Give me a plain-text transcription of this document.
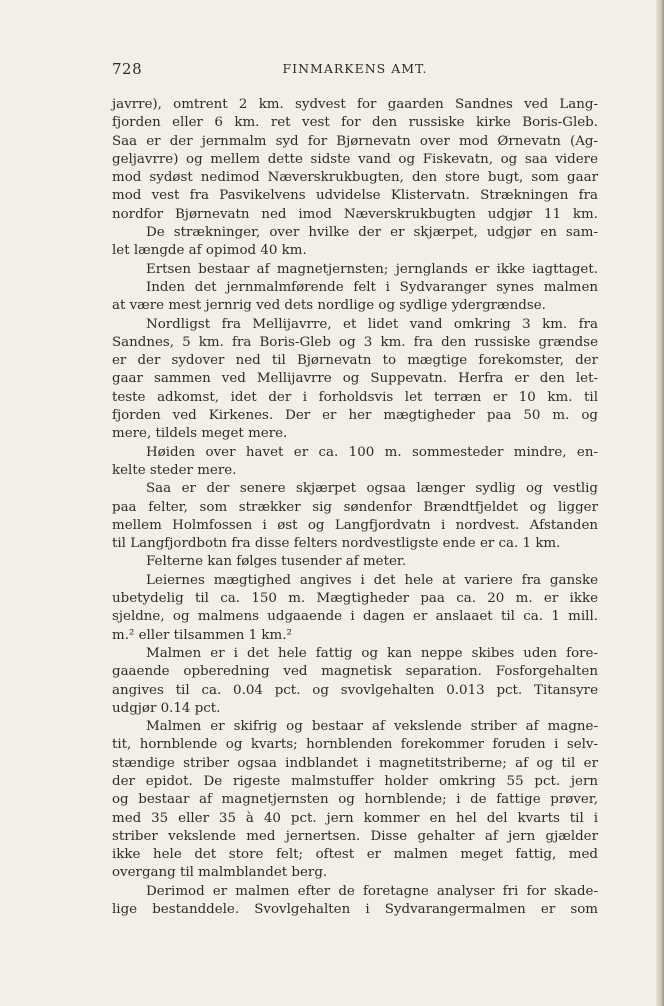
728	FINMARKENS AMT.
javrre), omtrent 2 km. sydvest for gaarden Sandnes ved Lang-
fjorden eller 6 km. ret vest for den russiske kirke Boris-Gleb.
Saa er der jernmalm syd for Bjørnevatn over mod Ørnevatn (Ag-
geljavrre) og mellem dette sidste vand og Fiskevatn, og saa videre
mod sydøst nedimod Næverskrukbugten, den store bugt, som gaar
mod vest fra Pasvikelvens udvidelse Klistervatn. Strækningen fra
nordfor Bjørnevatn ned imod Næverskrukbugten udgjør 11 km.
De strækninger, over hvilke der er skjærpet, udgjør en sam-
let længde af opimod 40 km.
Ertsen bestaar af magnetjernsten; jernglands er ikke iagttaget.
Inden det jernmalmførende felt i Sydvaranger synes malmen
at være mest jernrig ved dets nordlige og sydlige ydergrændse.
Nordligst fra Mellijavrre, et lidet vand omkring 3 km. fra
Sandnes, 5 km. fra Boris-Gleb og 3 km. fra den russiske grændse
er der sydover ned til Bjørnevatn to mægtige forekomster, der
gaar sammen ved Mellijavrre og Suppevatn. Herfra er den let-
teste adkomst, idet der i forholdsvis let terræn er 10 km. til
fjorden ved Kirkenes. Der er her mægtigheder paa 50 m. og
mere, tildels meget mere.
Høiden over havet er ca. 100 m. sommesteder mindre, en-
kelte steder mere.
Saa er der senere skjærpet ogsaa længer sydlig og vestlig
paa felter, som strækker sig søndenfor Brændtfjeldet og ligger
mellem Holmfossen i øst og Langfjordvatn i nordvest. Afstanden
til Langfjordbotn fra disse felters nordvestligste ende er ca. 1 km.
Felterne kan følges tusender af meter.
Leiernes mægtighed angives i det hele at variere fra ganske
ubetydelig til ca. 150 m. Mægtigheder paa ca. 20 m. er ikke
sjeldne, og malmens udgaaende i dagen er anslaaet til ca. 1 mill.
m.² eller tilsammen 1 km.²
Malmen er i det hele fattig og kan neppe skibes uden fore-
gaaende opberedning ved magnetisk separation. Fosforgehalten
angives til ca. 0.04 pct. og svovlgehalten 0.013 pct. Titansyre
udgjør 0.14 pct.
Malmen er skifrig og bestaar af vekslende striber af magne-
tit, hornblende og kvarts; hornblenden forekommer foruden i selv-
stændige striber ogsaa indblandet i magnetitstriberne; af og til er
der epidot. De rigeste malmstuffer holder omkring 55 pct. jern
og bestaar af magnetjernsten og hornblende; i de fattige prøver,
med 35 eller 35 à 40 pct. jern kommer en hel del kvarts til i
striber vekslende med jernertsen. Disse gehalter af jern gjælder
ikke hele det store felt; oftest er malmen meget fattig, med
overgang til malmblandet berg.
Derimod er malmen efter de foretagne analyser fri for skade-
lige bestanddele. Svovlgehalten i Sydvarangermalmen er som
